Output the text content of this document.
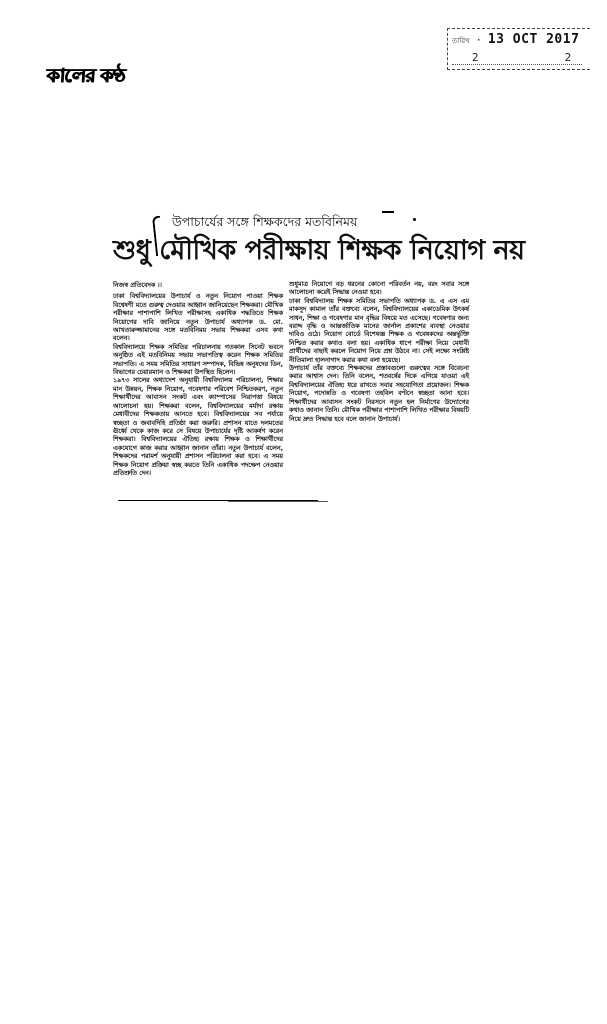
কালের কণ্ঠ
তারিখ · 13 OCT 2017
2	2
উপাচার্যের সঙ্গে শিক্ষকদের মতবিনিময়
শুধু মৌখিক পরীক্ষায় শিক্ষক নিয়োগ নয়

নিজস্ব প্রতিবেদক ।।

ঢাকা বিশ্ববিদ্যালয়ের উপাচার্য ও নতুন নিয়োগ পাওয়া শিক্ষক বিশ্বেষণী মতে গুরুত্ব দেওয়ার আহ্বান জানিয়েছেন শিক্ষকরা। মৌখিক পরীক্ষার পাশাপাশি লিখিত পরীক্ষাসহ একাধিক পদ্ধতিতে শিক্ষক নিয়োগের দাবি জানিয়ে নতুন উপাচার্য অধ্যাপক ড. মো. আখতারুজ্জামানের সঙ্গে মতবিনিময় সভায় শিক্ষকরা এসব কথা বলেন।

বিশ্ববিদ্যালয়ে শিক্ষক সমিতির পরিচালনায় গতকাল সিনেট ভবনে অনুষ্ঠিত এই মতবিনিময় সভায় সভাপতিত্ব করেন শিক্ষক সমিতির সভাপতি। এ সময় সমিতির সাধারণ সম্পাদক, বিভিন্ন অনুষদের ডিন, বিভাগের চেয়ারম্যান ও শিক্ষকরা উপস্থিত ছিলেন।

১৯৭৩ সালের অধ্যাদেশ অনুযায়ী বিশ্ববিদ্যালয় পরিচালনা, শিক্ষার মান উন্নয়ন, শিক্ষক নিয়োগ, গবেষণার পরিবেশ নিশ্চিতকরণ, নতুন শিক্ষার্থীদের আবাসন সংকট এবং ক্যাম্পাসের নিরাপত্তা বিষয়ে আলোচনা হয়। শিক্ষকরা বলেন, বিশ্ববিদ্যালয়ের মর্যাদা রক্ষায় মেধাবীদের শিক্ষকতায় আনতে হবে। বিশ্ববিদ্যালয়ের সব পর্যায়ে স্বচ্ছতা ও জবাবদিহি প্রতিষ্ঠা করা জরুরি। প্রশাসন যাতে দলমতের ঊর্ধ্বে থেকে কাজ করে সে বিষয়ে উপাচার্যের দৃষ্টি আকর্ষণ করেন শিক্ষকরা। বিশ্ববিদ্যালয়ের ঐতিহ্য রক্ষায় শিক্ষক ও শিক্ষার্থীদের একযোগে কাজ করার আহ্বান জানান তাঁরা। নতুন উপাচার্য বলেন, শিক্ষকদের পরামর্শ অনুযায়ী প্রশাসন পরিচালনা করা হবে। এ সময় শিক্ষক নিয়োগ প্রক্রিয়া স্বচ্ছ করতে তিনি একাধিক পদক্ষেপ নেওয়ার প্রতিশ্রুতি দেন।

শুধুমাত্র নিয়োগে বড় ধরনের কোনো পরিবর্তন নয়, বরং সবার সঙ্গে আলোচনা করেই সিদ্ধান্ত নেওয়া হবে।

ঢাকা বিশ্ববিদ্যালয় শিক্ষক সমিতির সভাপতি অধ্যাপক ড. এ এস এম মাকসুদ কামাল তাঁর বক্তব্যে বলেন, বিশ্ববিদ্যালয়ের একাডেমিক উৎকর্ষ সাধন, শিক্ষা ও গবেষণার মান বৃদ্ধির বিষয়ে মত এসেছে। গবেষণার জন্য বরাদ্দ বৃদ্ধি ও আন্তর্জাতিক মানের জার্নাল প্রকাশের ব্যবস্থা নেওয়ার দাবিও ওঠে। নিয়োগ বোর্ডে বিশেষজ্ঞ শিক্ষক ও গবেষকদের অন্তর্ভুক্তি নিশ্চিত করার কথাও বলা হয়। একাধিক ধাপে পরীক্ষা নিয়ে মেধাবী প্রার্থীদের বাছাই করলে নিয়োগ নিয়ে প্রশ্ন উঠবে না। সেই লক্ষ্যে সংশ্লিষ্ট নীতিমালা হালনাগাদ করার কথা বলা হয়েছে।

উপাচার্য তাঁর বক্তব্যে শিক্ষকদের প্রস্তাবগুলো গুরুত্বের সঙ্গে বিবেচনা করার আশ্বাস দেন। তিনি বলেন, শতবর্ষের দিকে এগিয়ে যাওয়া এই বিশ্ববিদ্যালয়ের ঐতিহ্য ধরে রাখতে সবার সহযোগিতা প্রয়োজন। শিক্ষক নিয়োগ, পদোন্নতি ও গবেষণা তহবিল বণ্টনে স্বচ্ছতা আনা হবে। শিক্ষার্থীদের আবাসন সংকট নিরসনে নতুন হল নির্মাণের উদ্যোগের কথাও জানান তিনি। মৌখিক পরীক্ষার পাশাপাশি লিখিত পরীক্ষার বিষয়টি নিয়ে দ্রুত সিদ্ধান্ত হবে বলে জানান উপাচার্য।
